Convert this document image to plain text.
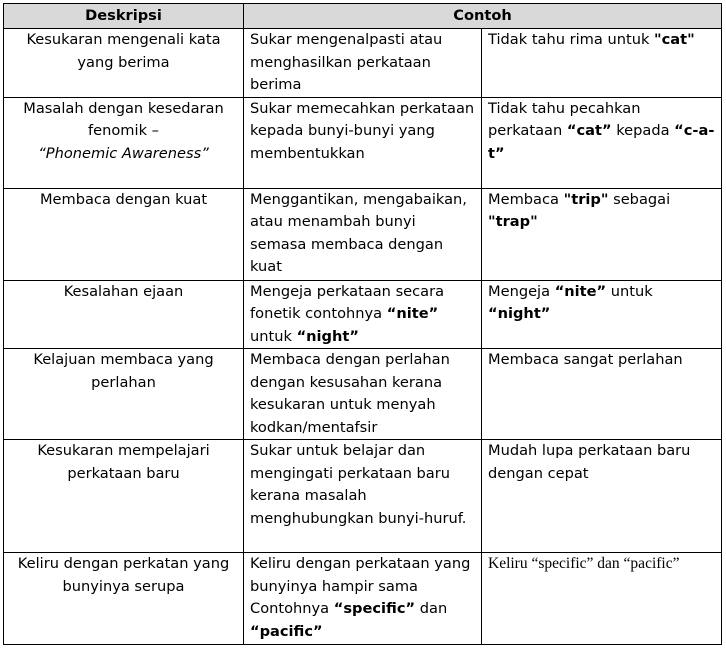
Deskripsi	Contoh	
Kesukaran mengenali kata
yang berima	Sukar mengenalpasti atau menghasilkan perkataan berima	Tidak tahu rima untuk "cat"
Masalah dengan kesedaran
fenomik –
“Phonemic Awareness”	Sukar memecahkan perkataan kepada bunyi-bunyi yang membentukkan	Tidak tahu pecahkan perkataan “cat” kepada “c-a-t”
Membaca dengan kuat	Menggantikan, mengabaikan, atau menambah bunyi semasa membaca dengan kuat	Membaca "trip" sebagai "trap"
Kesalahan ejaan	Mengeja perkataan secara fonetik contohnya “nite” untuk “night”	Mengeja “nite” untuk “night”
Kelajuan membaca yang
perlahan	Membaca dengan perlahan dengan kesusahan kerana kesukaran untuk menyah kodkan/mentafsir	Membaca sangat perlahan
Kesukaran mempelajari
perkataan baru	Sukar untuk belajar dan mengingati perkataan baru kerana masalah menghubungkan bunyi-huruf.	Mudah lupa perkataan baru dengan cepat
Keliru dengan perkatan yang
bunyinya serupa	Keliru dengan perkataan yang bunyinya hampir sama Contohnya “specific” dan “pacific”	Keliru “specific” dan “pacific”
